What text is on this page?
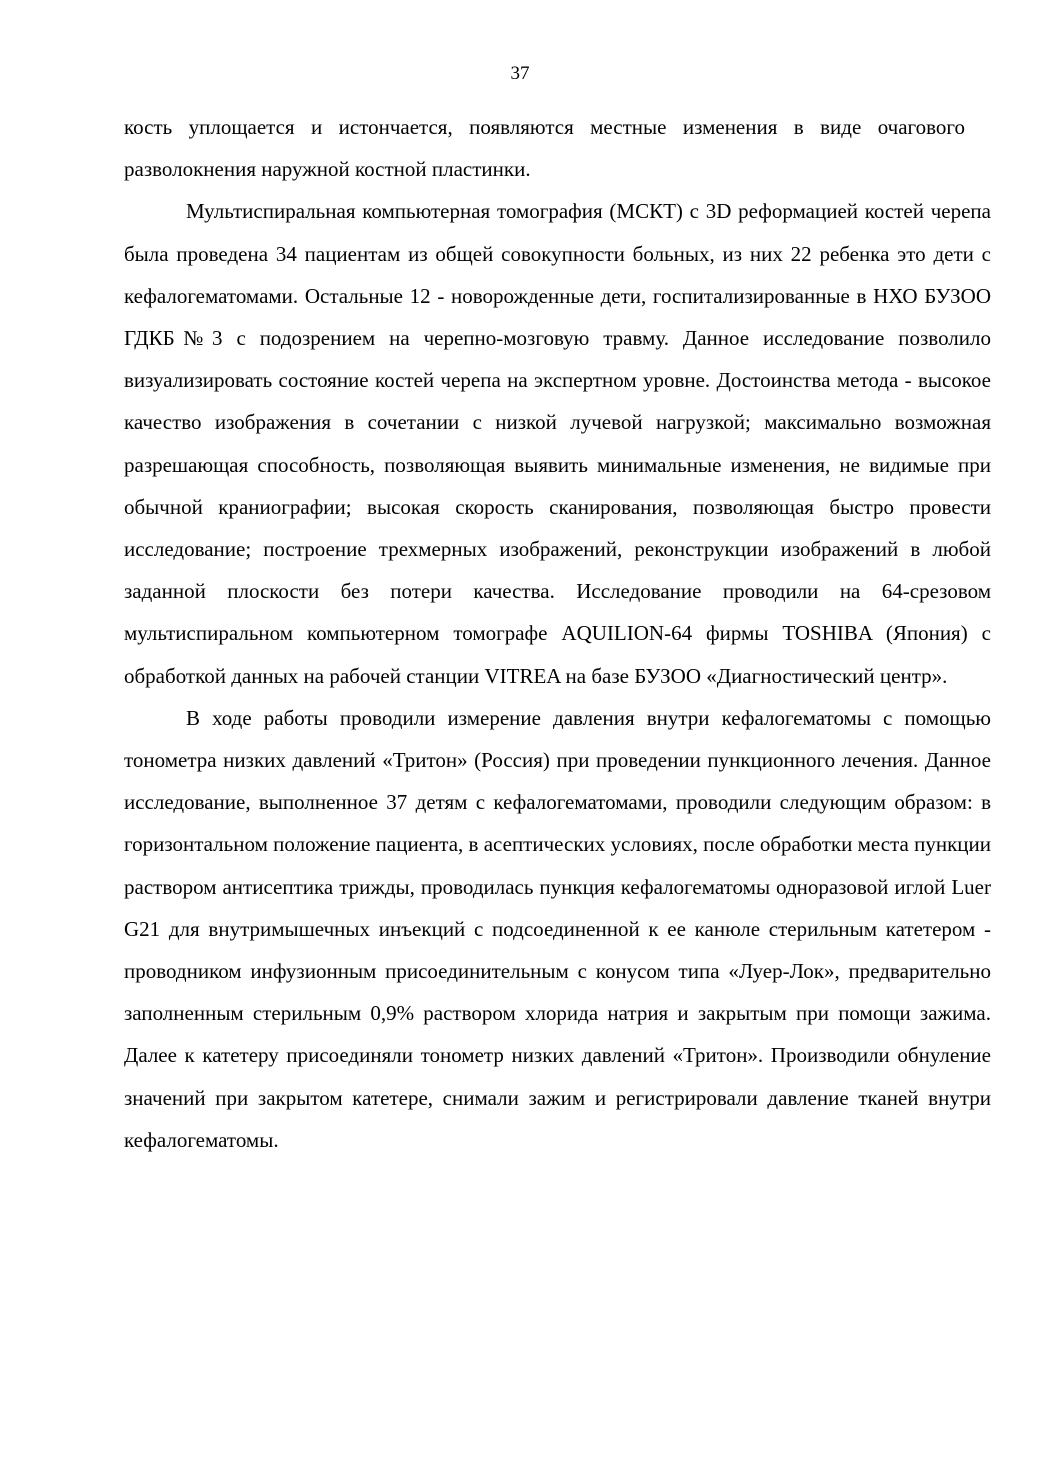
37

кость уплощается и истончается, появляются местные изменения в виде очагового разволокнения наружной костной пластинки.

Мультиспиральная компьютерная томография (МСКТ) с 3D реформацией костей черепа была проведена 34 пациентам из общей совокупности больных, из них 22 ребенка это дети с кефалогематомами. Остальные 12 - новорожденные дети, госпитализированные в НХО БУЗОО ГДКБ№3 с подозрением на черепно-мозговую травму. Данное исследование позволило визуализировать состояние костей черепа на экспертном уровне. Достоинства метода - высокое качество изображения в сочетании с низкой лучевой нагрузкой; максимально возможная разрешающая способность, позволяющая выявить минимальные изменения, не видимые при обычной краниографии; высокая скорость сканирования, позволяющая быстро провести исследование; построение трехмерных изображений, реконструкции изображений в любой заданной плоскости без потери качества. Исследование проводили на 64-срезовом мультиспиральном компьютерном томографе AQUILION-64 фирмы TOSHIBA (Япония) с обработкой данных на рабочей станции VITREA на базе БУЗОО «Диагностический центр».

В ходе работы проводили измерение давления внутри кефалогематомы с помощью тонометра низких давлений «Тритон» (Россия) при проведении пункционного лечения. Данное исследование, выполненное 37 детям с кефалогематомами, проводили следующим образом: в горизонтальном положение пациента, в асептических условиях, после обработки места пункции раствором антисептика трижды, проводилась пункция кефалогематомы одноразовой иглой Luer G21 для внутримышечных инъекций с подсоединенной к ее канюле стерильным катетером - проводником инфузионным присоединительным с конусом типа «Луер-Лок», предварительно заполненным стерильным 0,9% раствором хлорида натрия и закрытым при помощи зажима. Далее к катетеру присоединяли тонометр низких давлений «Тритон». Производили обнуление значений при закрытом катетере, снимали зажим и регистрировали давление тканей внутри кефалогематомы.
